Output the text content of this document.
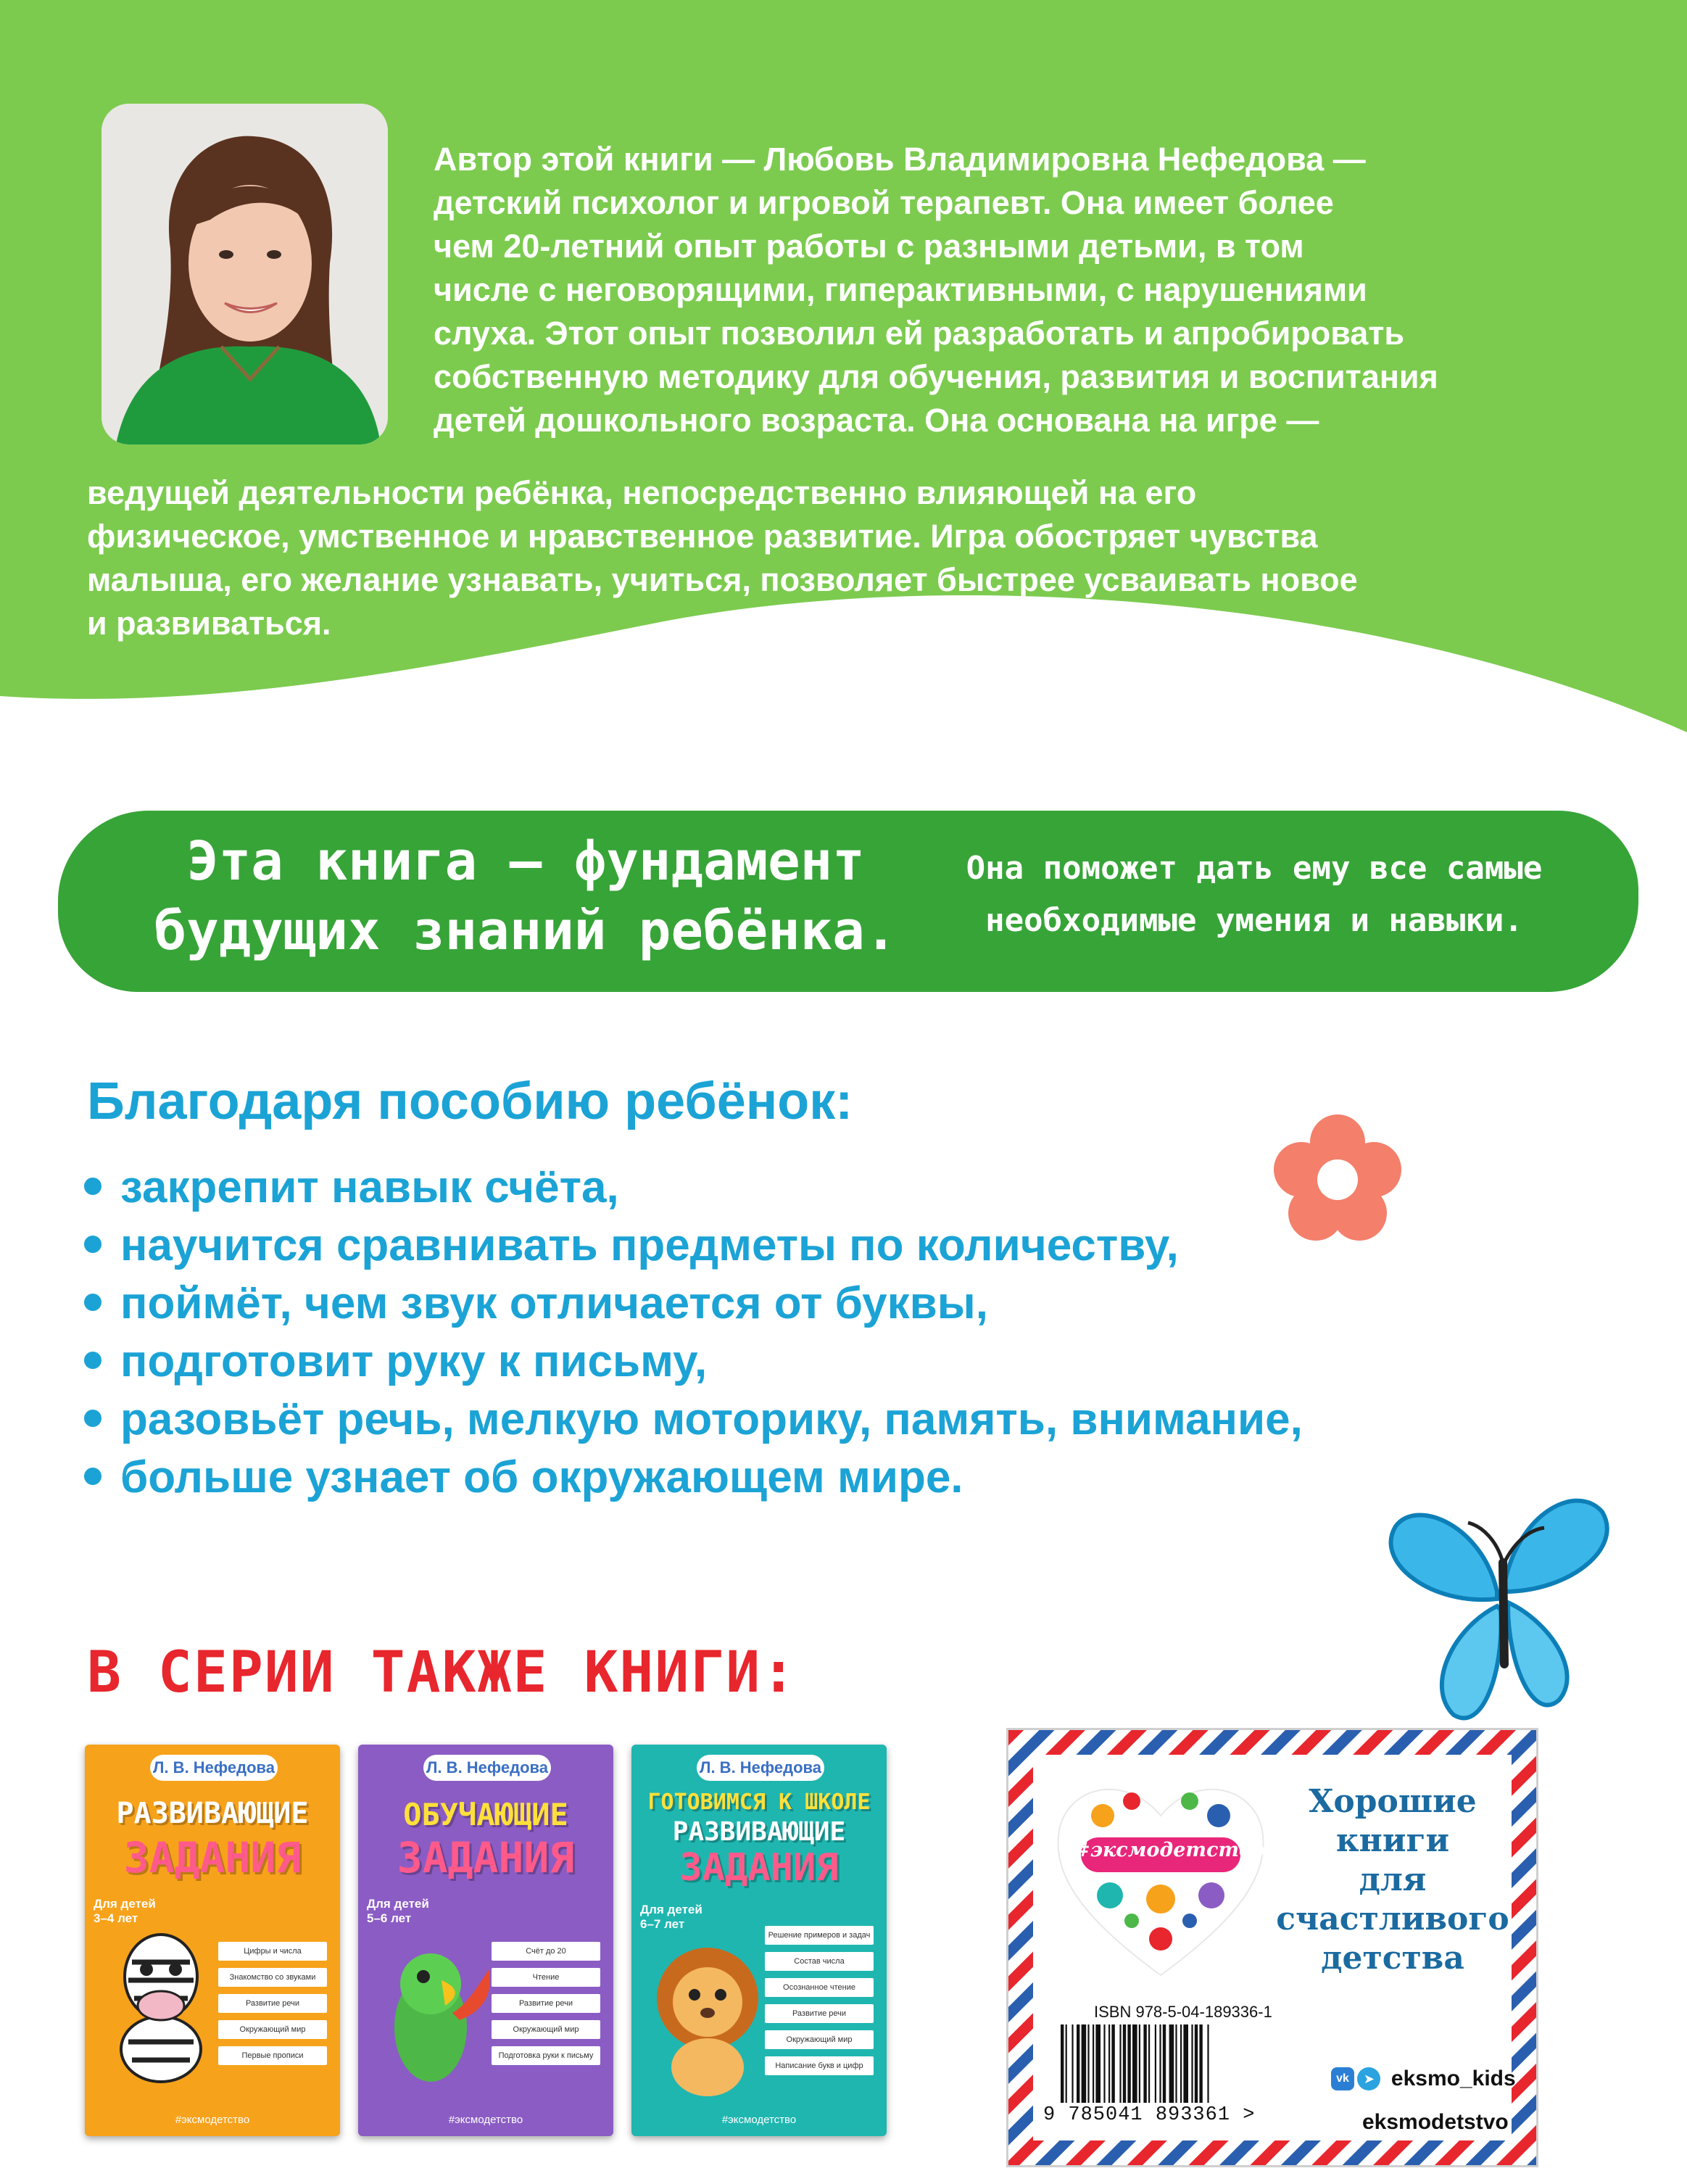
Автор этой книги — Любовь Владимировна Нефедова —

детский психолог и игровой терапевт. Она имеет более

чем 20-летний опыт работы с разными детьми, в том

числе с неговорящими, гиперактивными, с нарушениями

слуха. Этот опыт позволил ей разработать и апробировать

собственную методику для обучения, развития и воспитания

детей дошкольного возраста. Она основана на игре —

ведущей деятельности ребёнка, непосредственно влияющей на его

физическое, умственное и нравственное развитие. Игра обостряет чувства

малыша, его желание узнавать, учиться, позволяет быстрее усваивать новое

и развиваться.

Эта книга — фундамент
будущих знаний ребёнка.
Она поможет дать ему все самые
необходимые умения и навыки.
Благодаря пособию ребёнок:
закрепит навык счёта,
научится сравнивать предметы по количеству,
поймёт, чем звук отличается от буквы,
подготовит руку к письму,
разовьёт речь, мелкую моторику, память, внимание,
больше узнает об окружающем мире.
В СЕРИИ ТАКЖЕ КНИГИ:
Л. В. Нефедова
РАЗВИВАЮЩИЕ
ЗАДАНИЯ
Для детей
3–4 лет
Цифры и числа
Знакомство со звуками
Развитие речи
Окружающий мир
Первые прописи
#эксмодетство
Л. В. Нефедова
ОБУЧАЮЩИЕ
ЗАДАНИЯ
Для детей
5–6 лет
Счёт до 20
Чтение
Развитие речи
Окружающий мир
Подготовка руки к письму
#эксмодетство
Л. В. Нефедова
ГОТОВИМСЯ К ШКОЛЕ
РАЗВИВАЮЩИЕ
ЗАДАНИЯ
Для детей
6–7 лет
Решение примеров и задач
Состав числа
Осознанное чтение
Развитие речи
Окружающий мир
Написание букв и цифр
#эксмодетство
#эксмодетство
Хорошие
книги
для счастливого
детства
ISBN 978-5-04-189336-1
9 785041 893361 >
vk ➤ eksmo_kids
eksmodetstvo
